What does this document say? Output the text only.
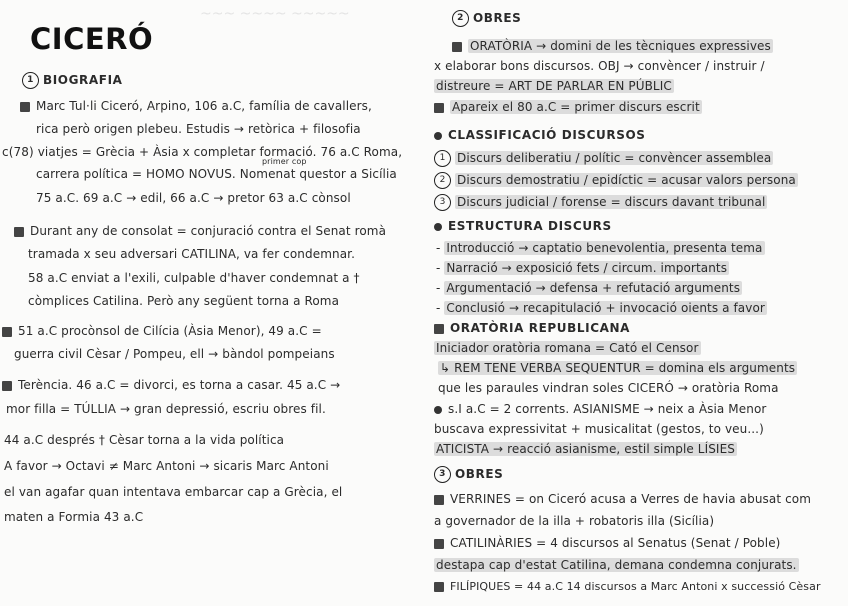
~~~ ~~~~ ~~~~~
CICERÓ
1 BIOGRAFIA
Marc Tul·li Ciceró, Arpino, 106 a.C, família de cavallers,
rica però origen plebeu. Estudis → retòrica + filosofia
c(78) viatjes = Grècia + Àsia x completar formació. 76 a.C Roma,
primer cop
carrera política = HOMO NOVUS. Nomenat questor a Sicília
75 a.C. 69 a.C → edil, 66 a.C → pretor 63 a.C cònsol
Durant any de consolat = conjuració contra el Senat romà
tramada x seu adversari CATILINA, va fer condemnar.
58 a.C enviat a l'exili, culpable d'haver condemnat a †
còmplices Catilina. Però any següent torna a Roma
51 a.C procònsol de Cilícia (Àsia Menor), 49 a.C =
guerra civil Cèsar / Pompeu, ell → bàndol pompeians
Terència. 46 a.C = divorci, es torna a casar. 45 a.C →
mor filla = TÚLLIA → gran depressió, escriu obres fil.
44 a.C després † Cèsar torna a la vida política
A favor → Octavi ≠ Marc Antoni → sicaris Marc Antoni
el van agafar quan intentava embarcar cap a Grècia, el
maten a Formia 43 a.C
2 OBRES
ORATÒRIA → domini de les tècniques expressives
x elaborar bons discursos. OBJ → convèncer / instruir /
distreure = ART DE PARLAR EN PÚBLIC
Apareix el 80 a.C = primer discurs escrit
CLASSIFICACIÓ DISCURSOS
1 Discurs deliberatiu / polític = convèncer assemblea
2 Discurs demostratiu / epidíctic = acusar valors persona
3 Discurs judicial / forense = discurs davant tribunal
ESTRUCTURA DISCURS
- Introducció → captatio benevolentia, presenta tema
- Narració → exposició fets / circum. importants
- Argumentació → defensa + refutació arguments
- Conclusió → recapitulació + invocació oients a favor
ORATÒRIA REPUBLICANA
Iniciador oratòria romana = Cató el Censor
↳ REM TENE VERBA SEQUENTUR = domina els arguments
que les paraules vindran soles CICERÓ → oratòria Roma
s.I a.C = 2 corrents. ASIANISME → neix a Àsia Menor
buscava expressivitat + musicalitat (gestos, to veu...)
ATICISTA → reacció asianisme, estil simple LÍSIES
3 OBRES
VERRINES = on Ciceró acusa a Verres de havia abusat com
a governador de la illa + robatoris illa (Sicília)
CATILINÀRIES = 4 discursos al Senatus (Senat / Poble)
destapa cap d'estat Catilina, demana condemna conjurats.
FILÍPIQUES = 44 a.C 14 discursos a Marc Antoni x successió Cèsar
